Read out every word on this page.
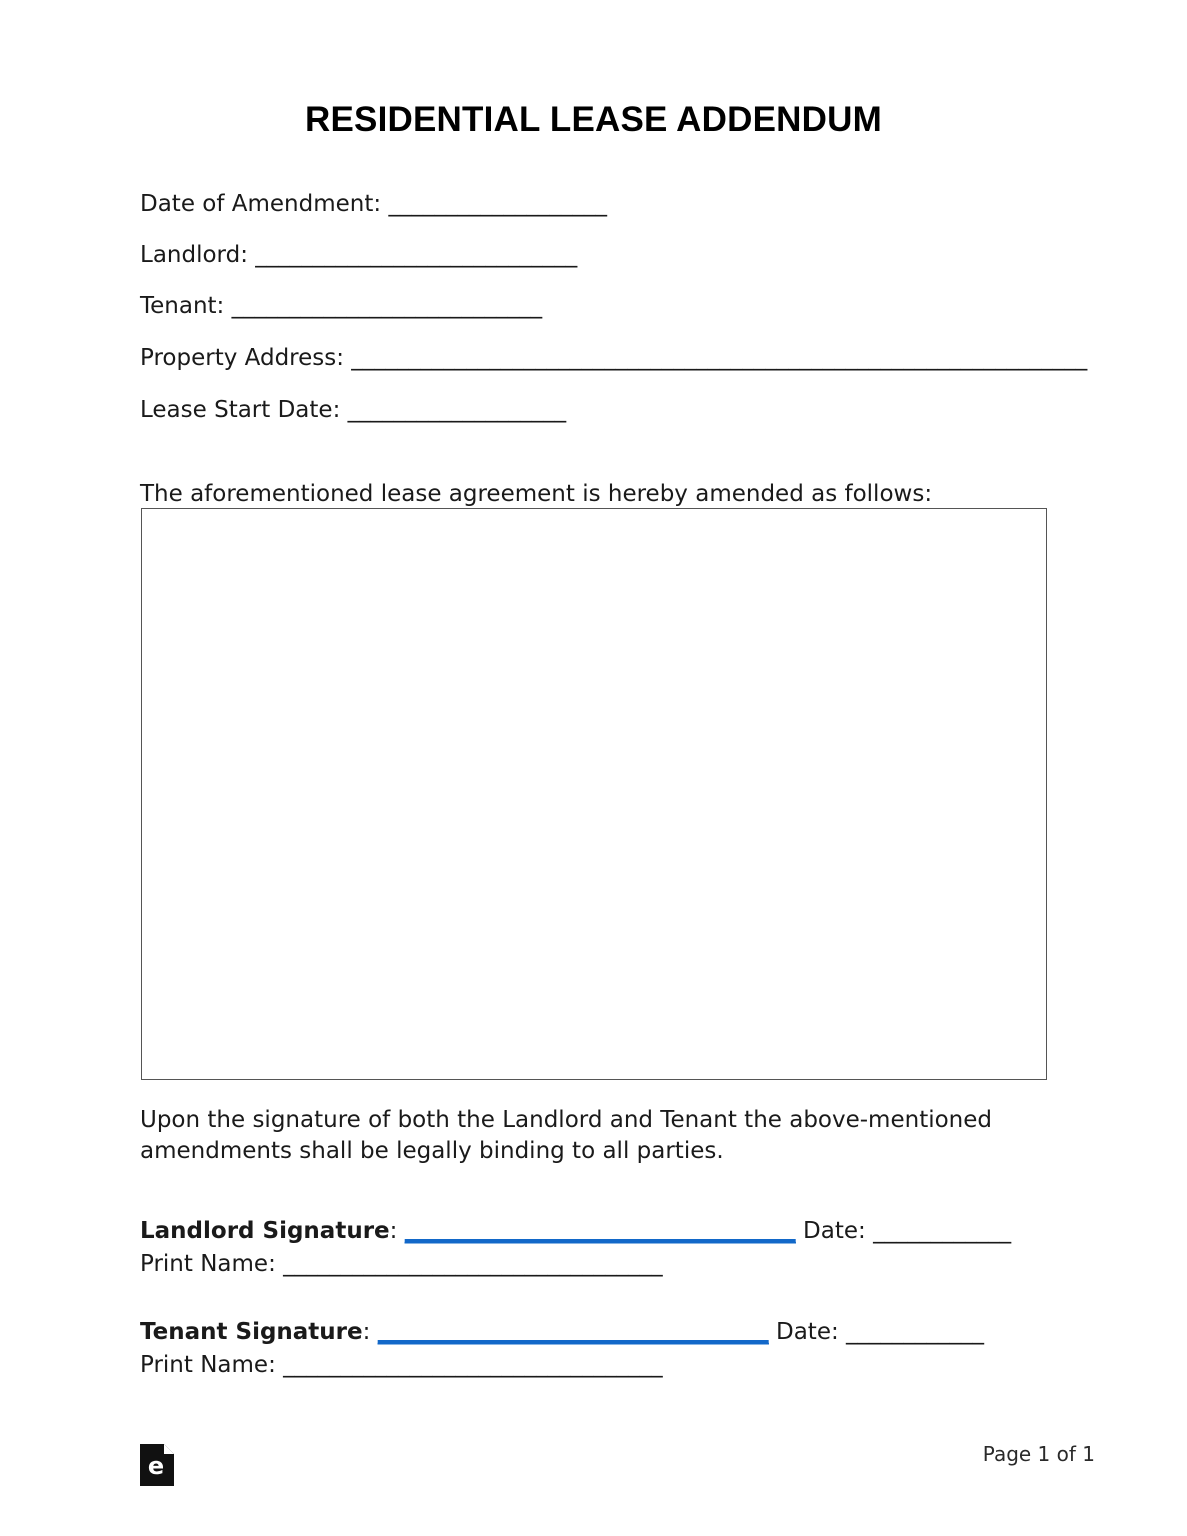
RESIDENTIAL LEASE ADDENDUM
Date of Amendment: ___________________
Landlord: ____________________________
Tenant: ___________________________
Property Address: ________________________________________________________________
Lease Start Date: ___________________
The aforementioned lease agreement is hereby amended as follows:
Upon the signature of both the Landlord and Tenant the above-mentioned amendments shall be legally binding to all parties.
Landlord Signature: __________________________________ Date: ____________
Print Name: _________________________________
Tenant Signature: __________________________________ Date: ____________
Print Name: _________________________________
e	Page 1 of 1
